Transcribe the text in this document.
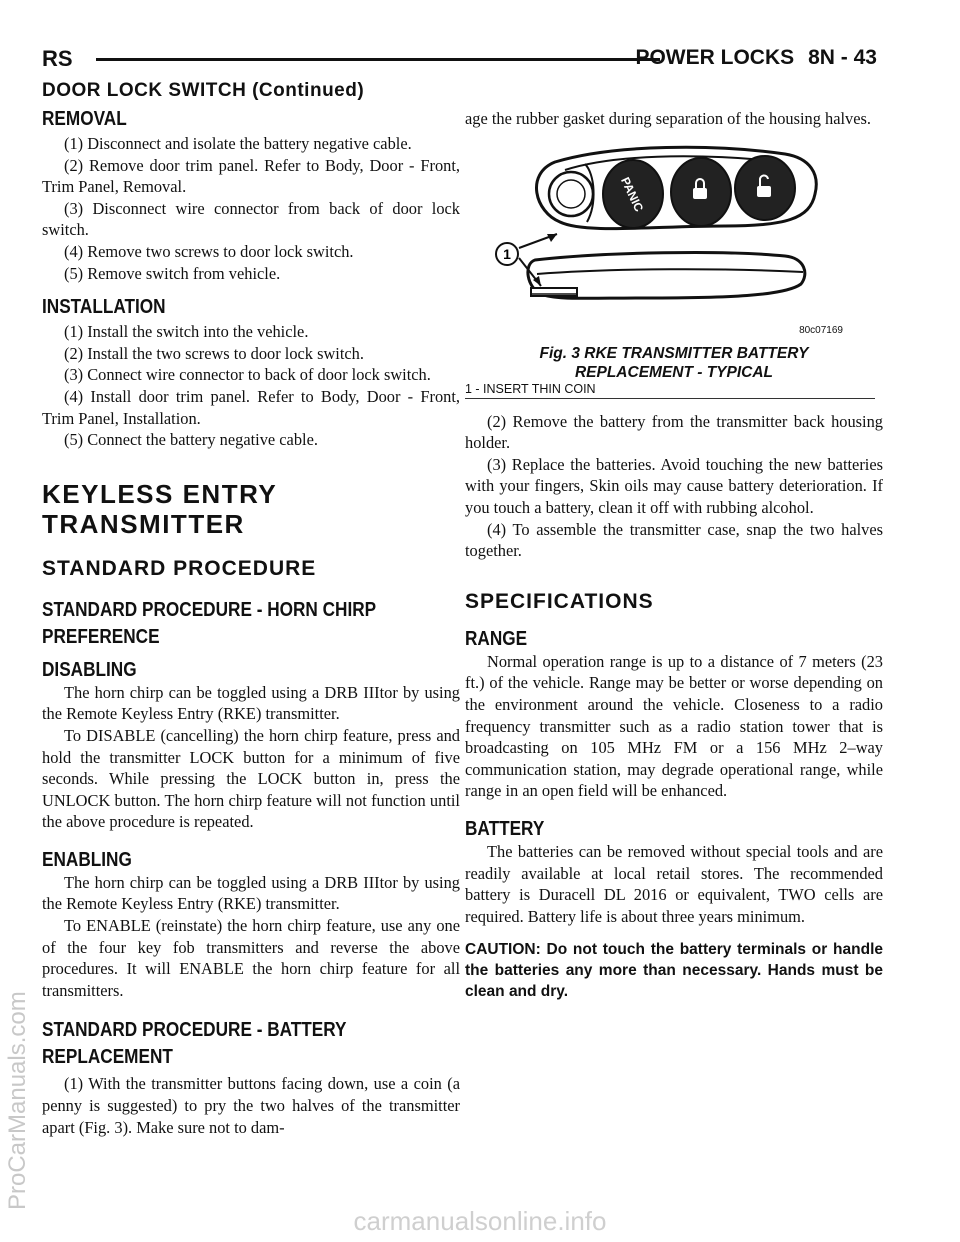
RS	POWER LOCKS 8N - 43
DOOR LOCK SWITCH (Continued)
REMOVAL

(1) Disconnect and isolate the battery negative cable.

(2) Remove door trim panel. Refer to Body, Door - Front, Trim Panel, Removal.

(3) Disconnect wire connector from back of door lock switch.

(4) Remove two screws to door lock switch.

(5) Remove switch from vehicle.

INSTALLATION

(1) Install the switch into the vehicle.

(2) Install the two screws to door lock switch.

(3) Connect wire connector to back of door lock switch.

(4) Install door trim panel. Refer to Body, Door - Front, Trim Panel, Installation.

(5) Connect the battery negative cable.

KEYLESS ENTRY
TRANSMITTER
STANDARD PROCEDURE
STANDARD PROCEDURE - HORN CHIRP
PREFERENCE
DISABLING

The horn chirp can be toggled using a DRB IIItor by using the Remote Keyless Entry (RKE) transmitter.

To DISABLE (cancelling) the horn chirp feature, press and hold the transmitter LOCK button for a minimum of five seconds. While pressing the LOCK button in, press the UNLOCK button. The horn chirp feature will not function until the above procedure is repeated.

ENABLING

The horn chirp can be toggled using a DRB IIItor by using the Remote Keyless Entry (RKE) transmitter.

To ENABLE (reinstate) the horn chirp feature, use any one of the four key fob transmitters and reverse the above procedures. It will ENABLE the horn chirp feature for all transmitters.

STANDARD PROCEDURE - BATTERY
REPLACEMENT

(1) With the transmitter buttons facing down, use a coin (a penny is suggested) to pry the two halves of the transmitter apart (Fig. 3). Make sure not to dam-

age the rubber gasket during separation of the housing halves.

PANIC
1
80c07169
Fig. 3 RKE TRANSMITTER BATTERY
REPLACEMENT - TYPICAL

1 - INSERT THIN COIN

(2) Remove the battery from the transmitter back housing holder.

(3) Replace the batteries. Avoid touching the new batteries with your fingers, Skin oils may cause battery deterioration. If you touch a battery, clean it off with rubbing alcohol.

(4) To assemble the transmitter case, snap the two halves together.

SPECIFICATIONS
RANGE

Normal operation range is up to a distance of 7 meters (23 ft.) of the vehicle. Range may be better or worse depending on the environment around the vehicle. Closeness to a radio frequency transmitter such as a radio station tower that is broadcasting on 105 MHz FM or a 156 MHz 2–way communication station, may degrade operational range, while range in an open field will be enhanced.

BATTERY

The batteries can be removed without special tools and are readily available at local retail stores. The recommended battery is Duracell DL 2016 or equivalent, TWO cells are required. Battery life is about three years minimum.

CAUTION: Do not touch the battery terminals or handle the batteries any more than necessary. Hands must be clean and dry.

ProCarManuals.com
carmanualsonline.info
